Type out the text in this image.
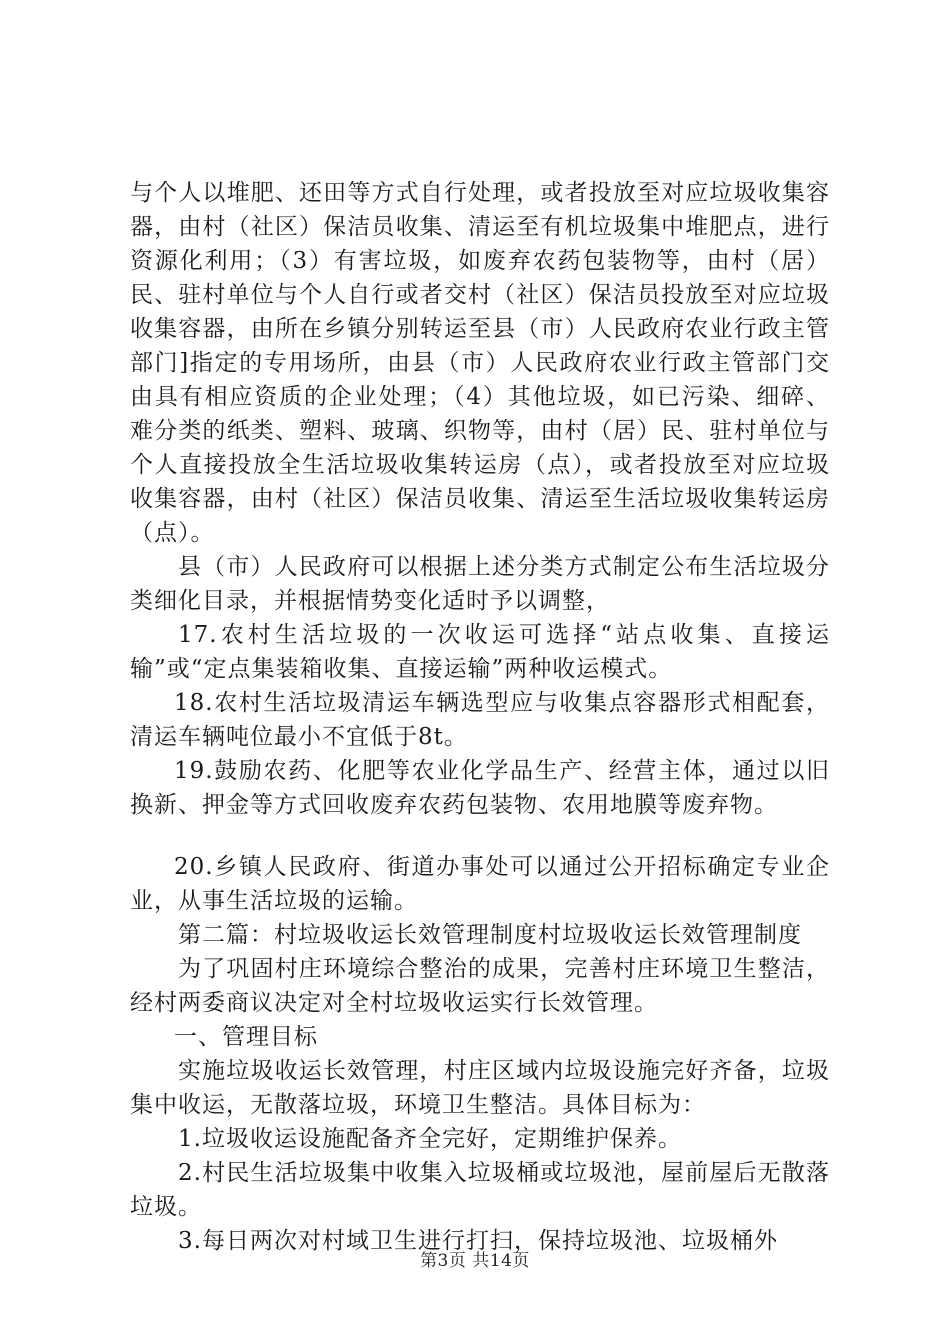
与个人以堆肥、还田等方式自行处理，或者投放至对应垃圾收集容器，由村（社区）保洁员收集、清运至有机垃圾集中堆肥点，进行资源化利用；（3）有害垃圾，如废弃农药包装物等，由村（居）民、驻村单位与个人自行或者交村（社区）保洁员投放至对应垃圾收集容器，由所在乡镇分别转运至县（市）人民政府农业行政主管部门]指定的专用场所，由县（市）人民政府农业行政主管部门交由具有相应资质的企业处理；（4）其他垃圾，如已污染、细碎、难分类的纸类、塑料、玻璃、织物等，由村（居）民、驻村单位与个人直接投放全生活垃圾收集转运房（点），或者投放至对应垃圾收集容器，由村（社区）保洁员收集、清运至生活垃圾收集转运房（点）。

县（市）人民政府可以根据上述分类方式制定公布生活垃圾分类细化目录，并根据情势变化适时予以调整，

17.农村生活垃圾的一次收运可选择“站点收集、直接运输”或“定点集装箱收集、直接运输”两种收运模式。

18.农村生活垃圾清运车辆选型应与收集点容器形式相配套，清运车辆吨位最小不宜低于8t。

19.鼓励农药、化肥等农业化学品生产、经营主体，通过以旧换新、押金等方式回收废弃农药包装物、农用地膜等废弃物。

20.乡镇人民政府、街道办事处可以通过公开招标确定专业企业，从事生活垃圾的运输。

第二篇：村垃圾收运长效管理制度村垃圾收运长效管理制度

为了巩固村庄环境综合整治的成果，完善村庄环境卫生整洁，经村两委商议决定对全村垃圾收运实行长效管理。

一、管理目标

实施垃圾收运长效管理，村庄区域内垃圾设施完好齐备，垃圾集中收运，无散落垃圾，环境卫生整洁。具体目标为：

1.垃圾收运设施配备齐全完好，定期维护保养。

2.村民生活垃圾集中收集入垃圾桶或垃圾池，屋前屋后无散落垃圾。

3.每日两次对村域卫生进行打扫，保持垃圾池、垃圾桶外

第3页 共14页
